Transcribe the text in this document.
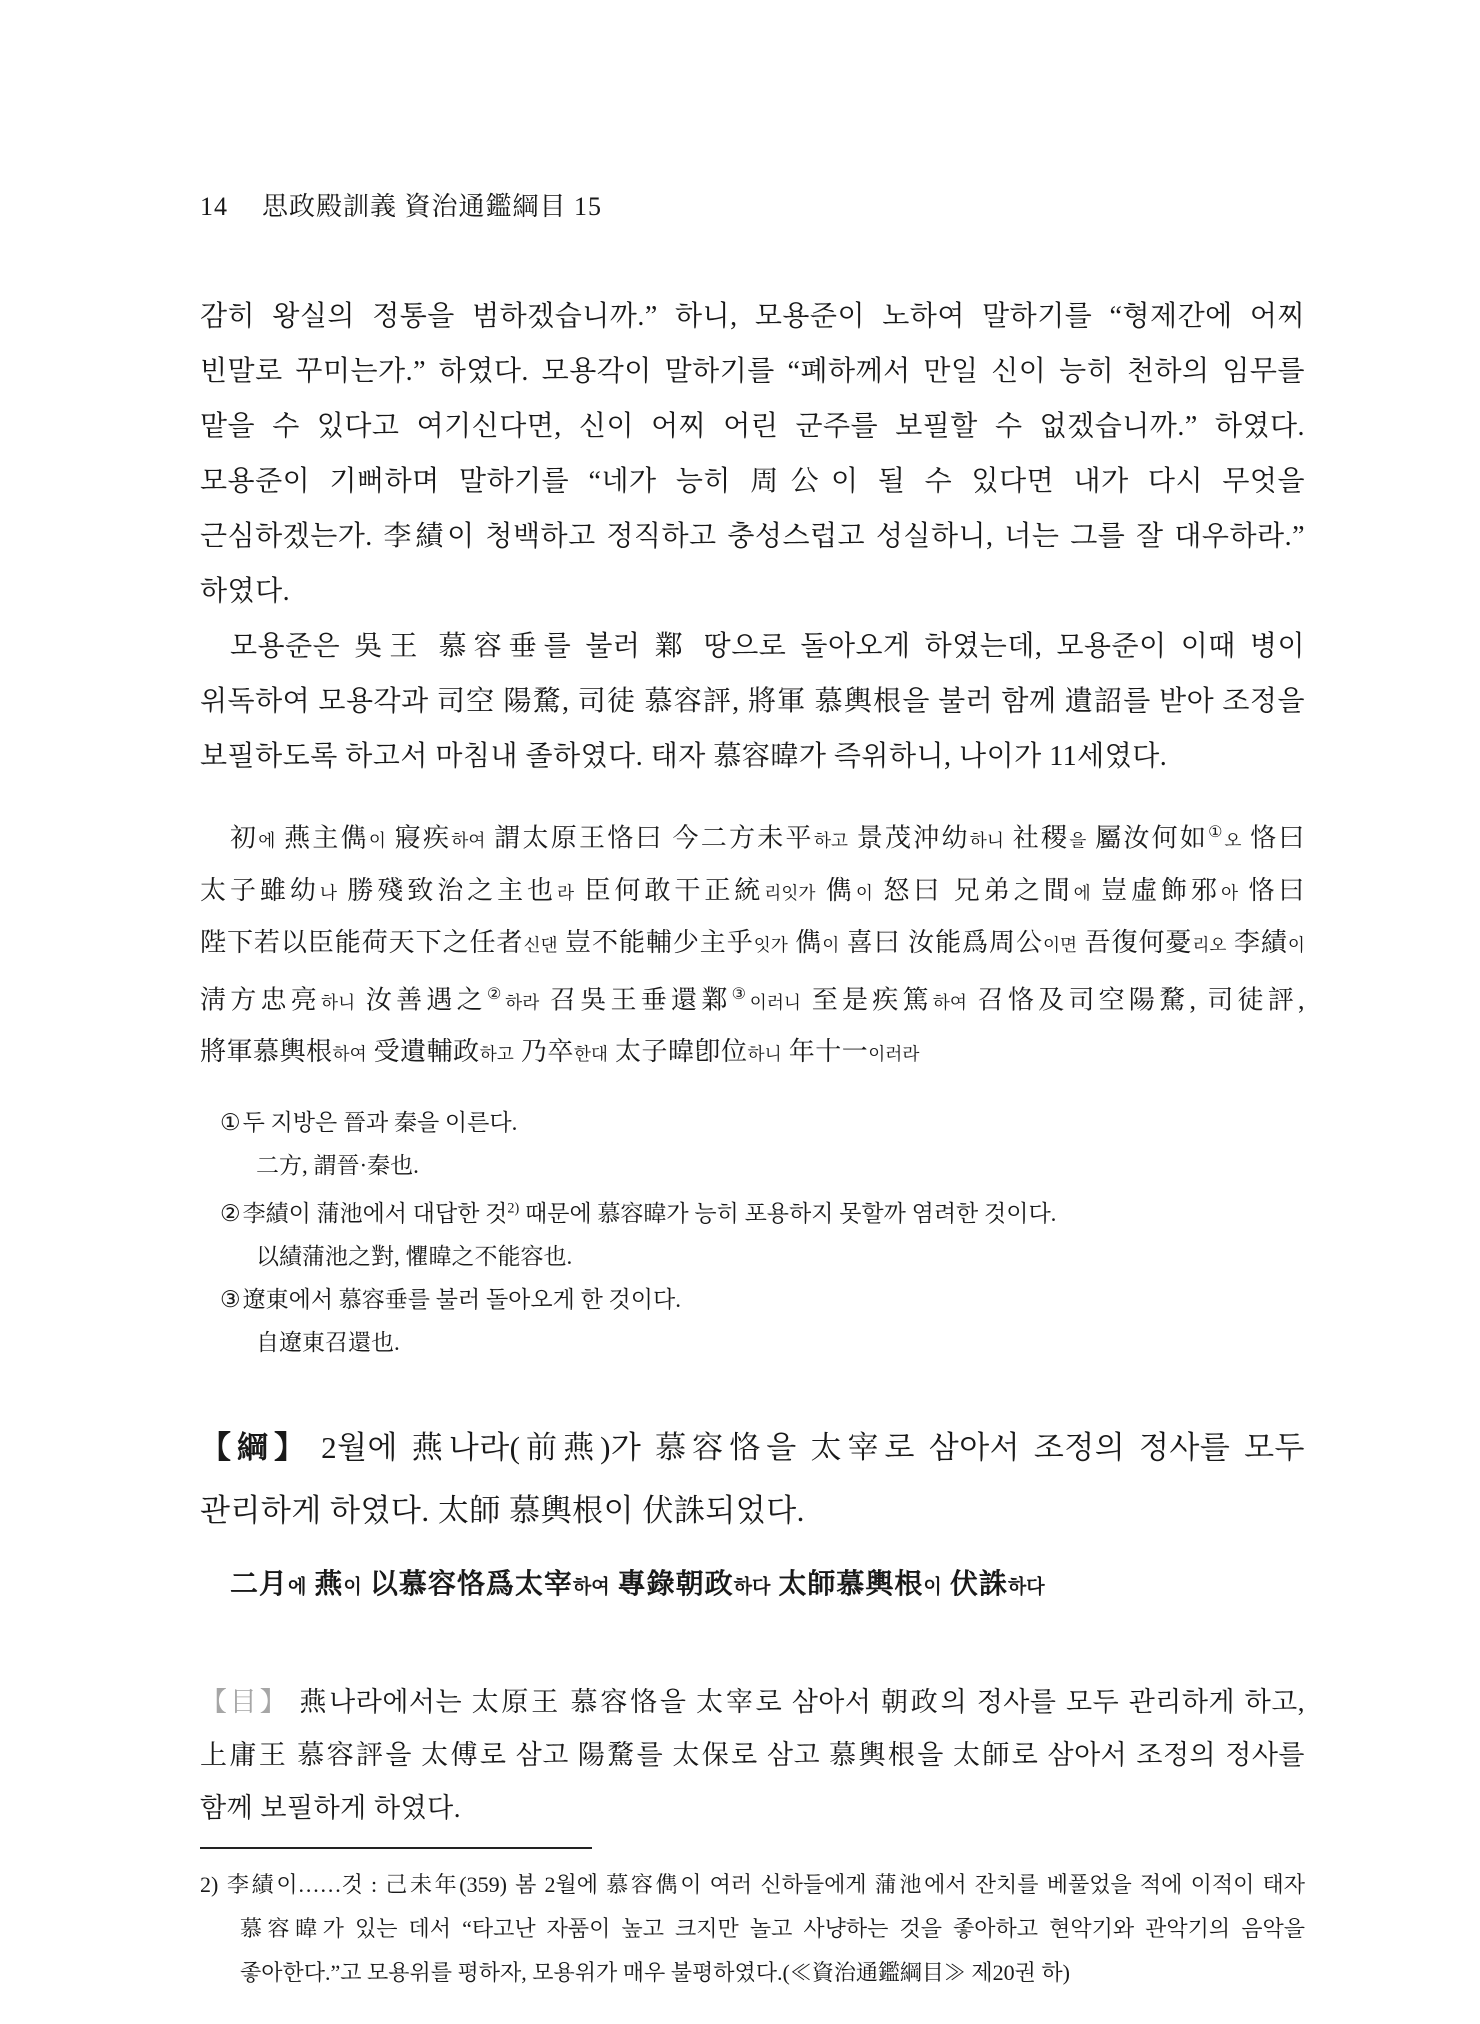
14 思政殿訓義 資治通鑑綱目 15

감히 왕실의 정통을 범하겠습니까.” 하니, 모용준이 노하여 말하기를 “형제간에 어찌 빈말로 꾸미는가.” 하였다. 모용각이 말하기를 “폐하께서 만일 신이 능히 천하의 임무를 맡을 수 있다고 여기신다면, 신이 어찌 어린 군주를 보필할 수 없겠습니까.” 하였다. 모용준이 기뻐하며 말하기를 “네가 능히 周公이 될 수 있다면 내가 다시 무엇을 근심하겠는가. 李績이 청백하고 정직하고 충성스럽고 성실하니, 너는 그를 잘 대우하라.” 하였다.

모용준은 吳王 慕容垂를 불러 鄴 땅으로 돌아오게 하였는데, 모용준이 이때 병이 위독하여 모용각과 司空 陽騖, 司徒 慕容評, 將軍 慕輿根을 불러 함께 遺詔를 받아 조정을 보필하도록 하고서 마침내 졸하였다. 태자 慕容暐가 즉위하니, 나이가 11세였다.

初에 燕主儁이 寢疾하여 謂太原王恪曰 今二方未平하고 景茂沖幼하니 社稷을 屬汝何如①오 恪曰 太子雖幼나 勝殘致治之主也라 臣何敢干正統리잇가 儁이 怒曰 兄弟之間에 豈虛飾邪아 恪曰 陛下若以臣能荷天下之任者신댄 豈不能輔少主乎잇가 儁이 喜曰 汝能爲周公이면 吾復何憂리오 李績이 淸方忠亮하니 汝善遇之②하라 召吳王垂還鄴③이러니 至是疾篤하여 召恪及司空陽騖, 司徒評, 將軍慕輿根하여 受遺輔政하고 乃卒한대 太子暐卽位하니 年十一이러라

①두 지방은 晉과 秦을 이른다.

二方, 謂晉·秦也.

②李績이 蒲池에서 대답한 것$^{2)}$ 때문에 慕容暐가 능히 포용하지 못할까 염려한 것이다.

以績蒲池之對, 懼暐之不能容也.

③遼東에서 慕容垂를 불러 돌아오게 한 것이다.

自遼東召還也.

【綱】 2월에 燕나라(前燕)가 慕容恪을 太宰로 삼아서 조정의 정사를 모두 관리하게 하였다. 太師 慕輿根이 伏誅되었다.

二月에 燕이 以慕容恪爲太宰하여 專錄朝政하다 太師慕輿根이 伏誅하다

【目】 燕나라에서는 太原王 慕容恪을 太宰로 삼아서 朝政의 정사를 모두 관리하게 하고, 上庸王 慕容評을 太傅로 삼고 陽騖를 太保로 삼고 慕輿根을 太師로 삼아서 조정의 정사를 함께 보필하게 하였다.

2) 李績이……것 : 己未年(359) 봄 2월에 慕容儁이 여러 신하들에게 蒲池에서 잔치를 베풀었을 적에 이적이 태자 慕容暐가 있는 데서 “타고난 자품이 높고 크지만 놀고 사냥하는 것을 좋아하고 현악기와 관악기의 음악을 좋아한다.”고 모용위를 평하자, 모용위가 매우 불평하였다.(≪資治通鑑綱目≫ 제20권 하)
